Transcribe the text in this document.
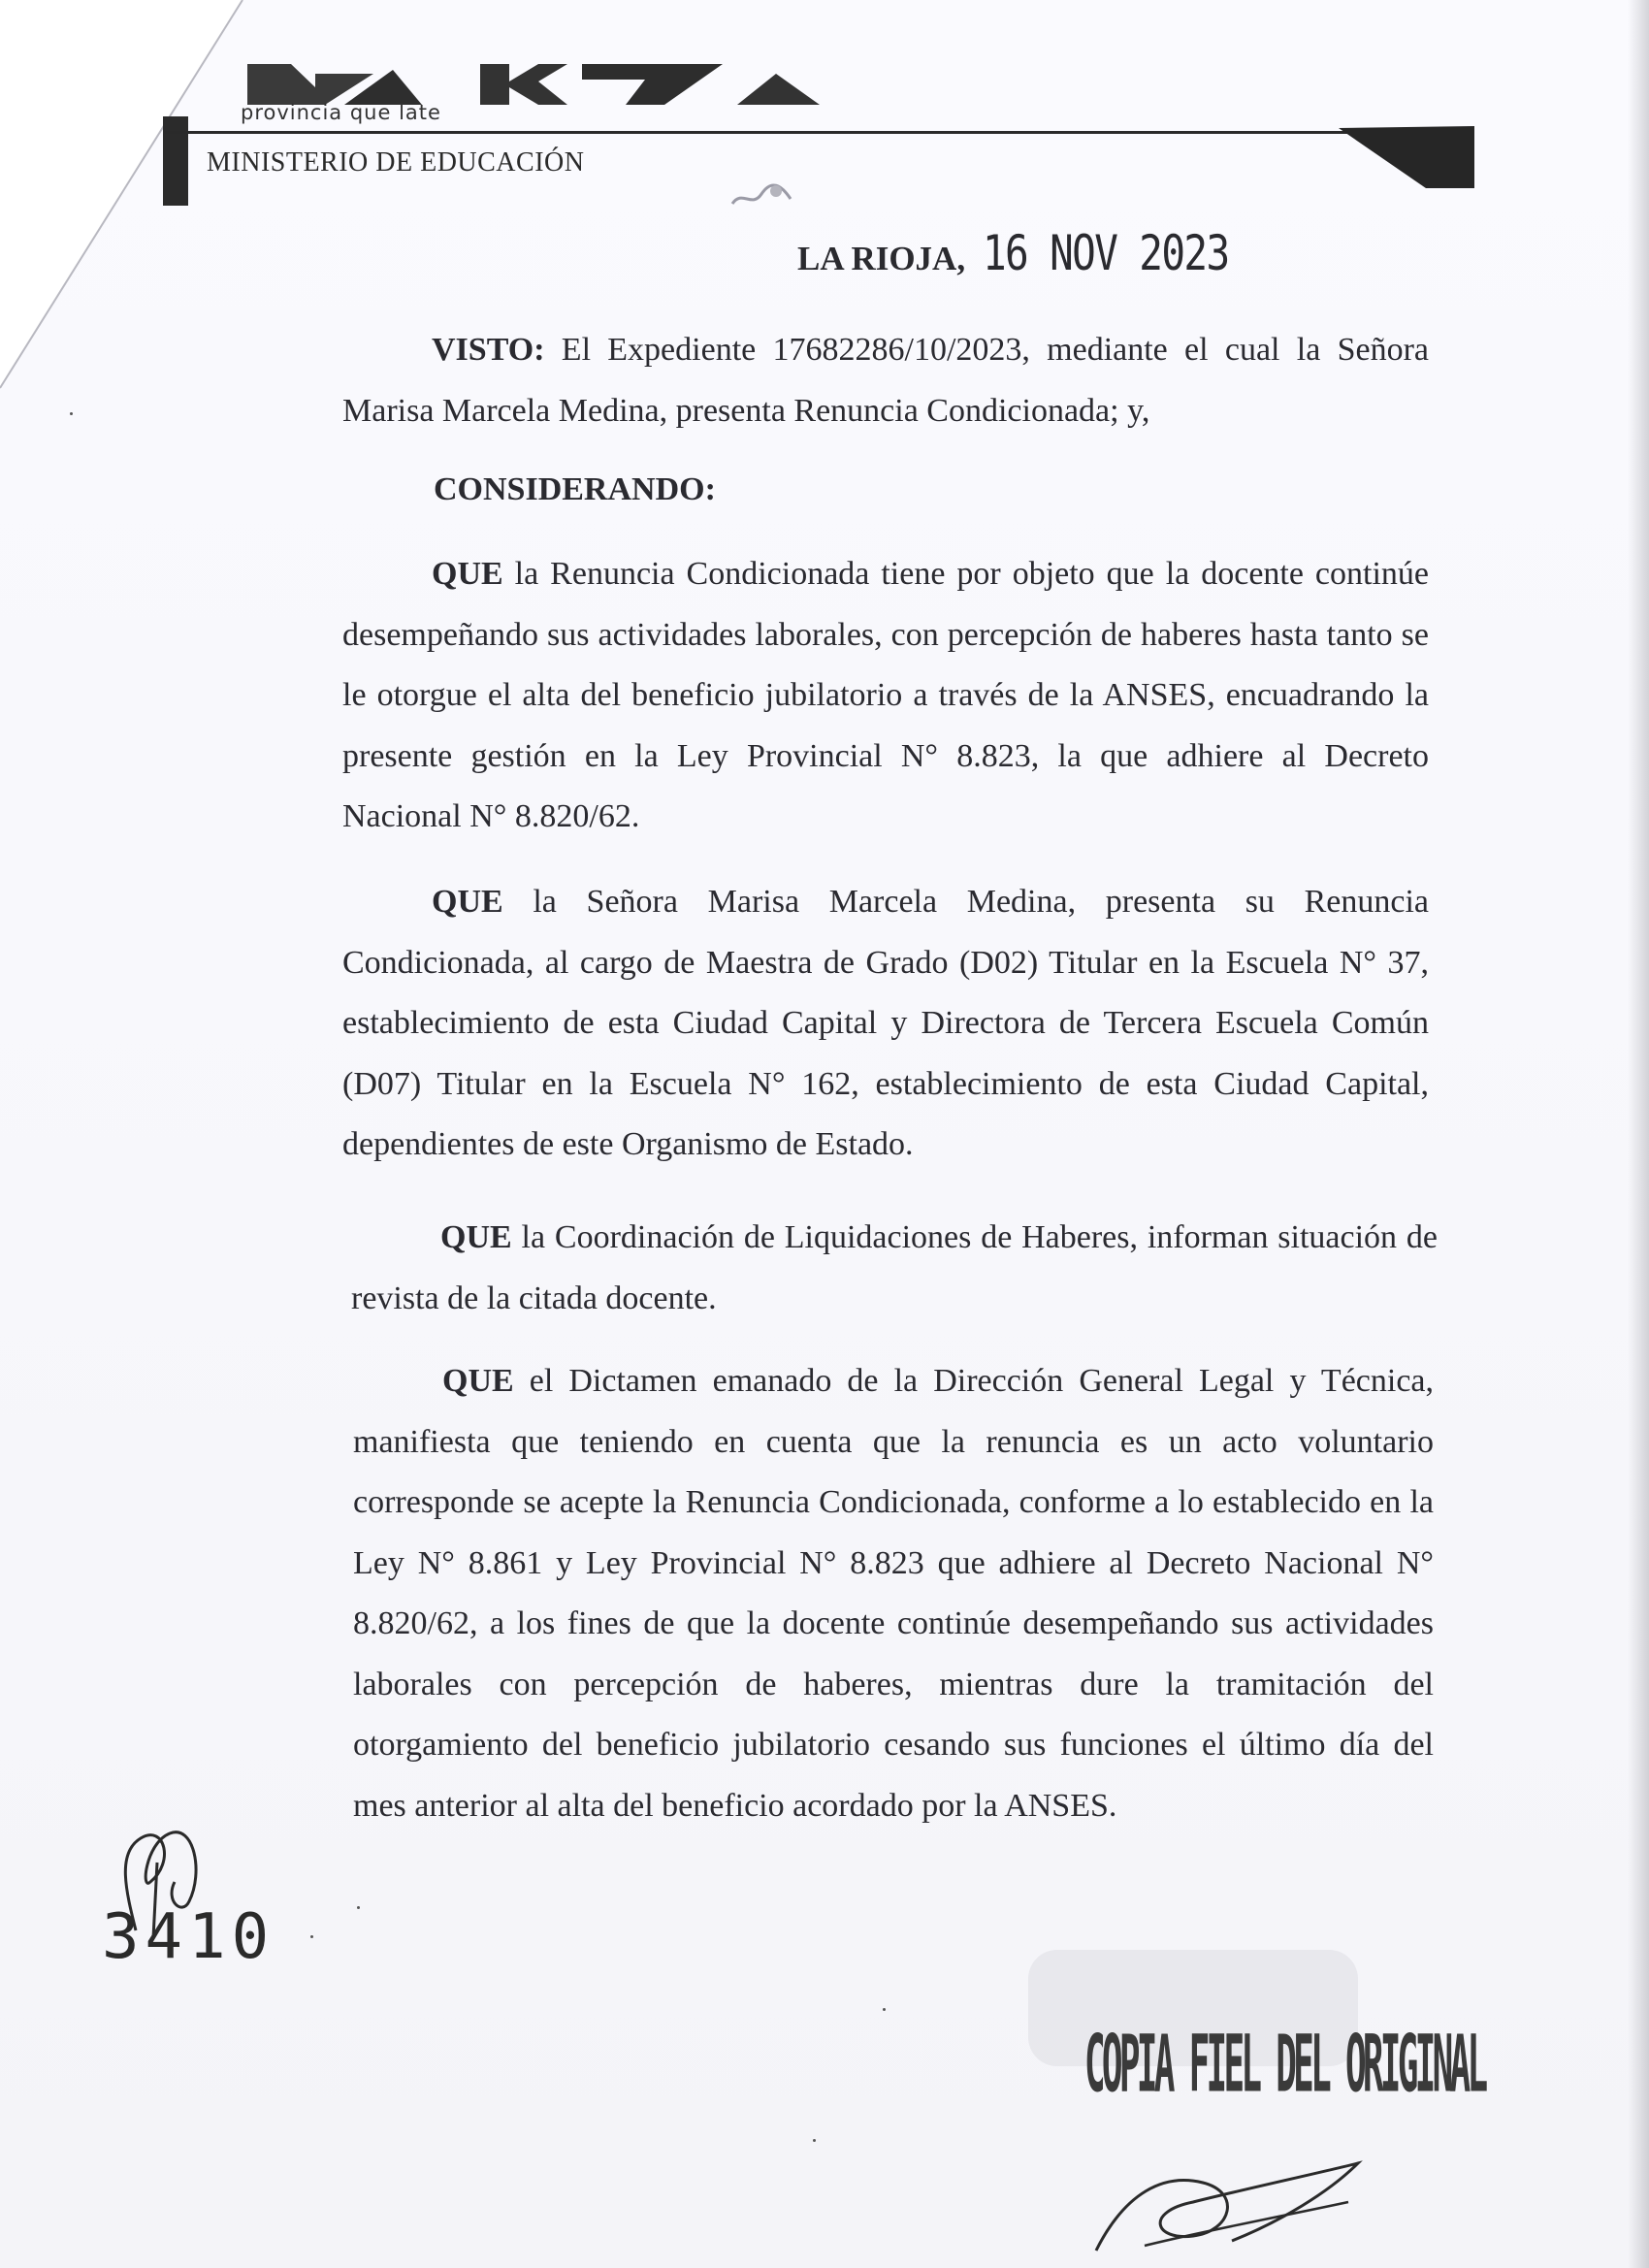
provincia que late
MINISTERIO DE EDUCACIÓN
LA RIOJA, 16 NOV 2023
VISTO: El Expediente 17682286/10/2023, mediante el cual la Señora Marisa Marcela Medina, presenta Renuncia Condicionada; y,
CONSIDERANDO:
QUE la Renuncia Condicionada tiene por objeto que la docente continúe desempeñando sus actividades laborales, con percepción de haberes hasta tanto se le otorgue el alta del beneficio jubilatorio a través de la ANSES, encuadrando la presente gestión en la Ley Provincial N° 8.823, la que adhiere al Decreto Nacional N° 8.820/62.
QUE la Señora Marisa Marcela Medina, presenta su Renuncia Condicionada, al cargo de Maestra de Grado (D02) Titular en la Escuela N° 37, establecimiento de esta Ciudad Capital y Directora de Tercera Escuela Común (D07) Titular en la Escuela N° 162, establecimiento de esta Ciudad Capital, dependientes de este Organismo de Estado.
QUE la Coordinación de Liquidaciones de Haberes, informan situación de revista de la citada docente.
QUE el Dictamen emanado de la Dirección General Legal y Técnica, manifiesta que teniendo en cuenta que la renuncia es un acto voluntario corresponde se acepte la Renuncia Condicionada, conforme a lo establecido en la Ley N° 8.861 y Ley Provincial N° 8.823 que adhiere al Decreto Nacional N° 8.820/62, a los fines de que la docente continúe desempeñando sus actividades laborales con percepción de haberes, mientras dure la tramitación del otorgamiento del beneficio jubilatorio cesando sus funciones el último día del mes anterior al alta del beneficio acordado por la ANSES.
3410
COPIA FIEL DEL ORIGINAL
